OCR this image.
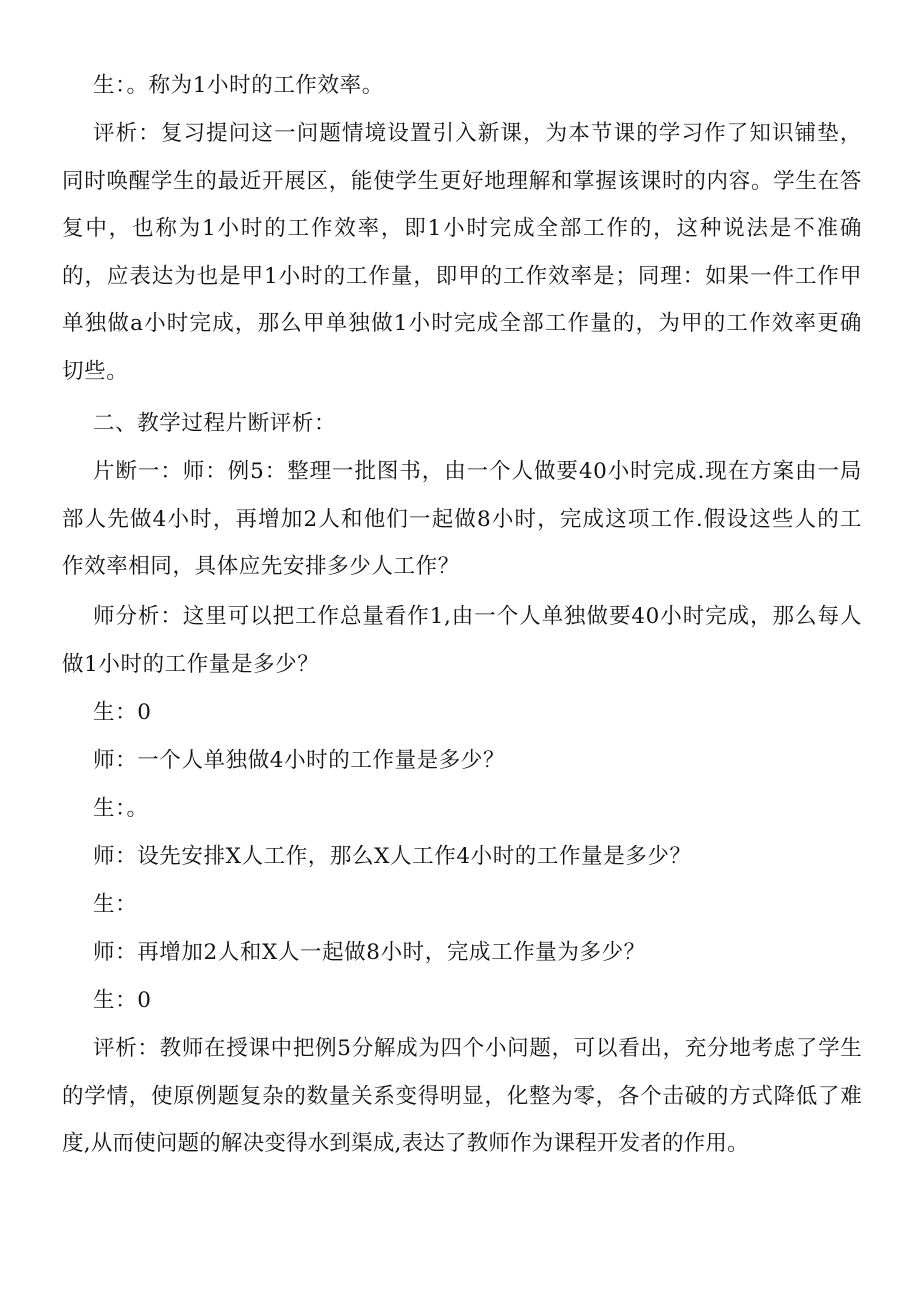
生：。称为1小时的工作效率。

评析：复习提问这一问题情境设置引入新课，为本节课的学习作了知识铺垫，同时唤醒学生的最近开展区，能使学生更好地理解和掌握该课时的内容。学生在答复中，也称为1小时的工作效率，即1小时完成全部工作的，这种说法是不准确的，应表达为也是甲1小时的工作量，即甲的工作效率是；同理：如果一件工作甲单独做a小时完成，那么甲单独做1小时完成全部工作量的，为甲的工作效率更确切些。

二、教学过程片断评析：

片断一：师：例5：整理一批图书，由一个人做要40小时完成.现在方案由一局部人先做4小时，再增加2人和他们一起做8小时，完成这项工作.假设这些人的工作效率相同，具体应先安排多少人工作？

师分析：这里可以把工作总量看作1,由一个人单独做要40小时完成，那么每人做1小时的工作量是多少？

生：0

师：一个人单独做4小时的工作量是多少？

生：。

师：设先安排X人工作，那么X人工作4小时的工作量是多少？

生：

师：再增加2人和X人一起做8小时，完成工作量为多少？

生：0

评析：教师在授课中把例5分解成为四个小问题，可以看出，充分地考虑了学生的学情，使原例题复杂的数量关系变得明显，化整为零，各个击破的方式降低了难度,从而使问题的解决变得水到渠成,表达了教师作为课程开发者的作用。
